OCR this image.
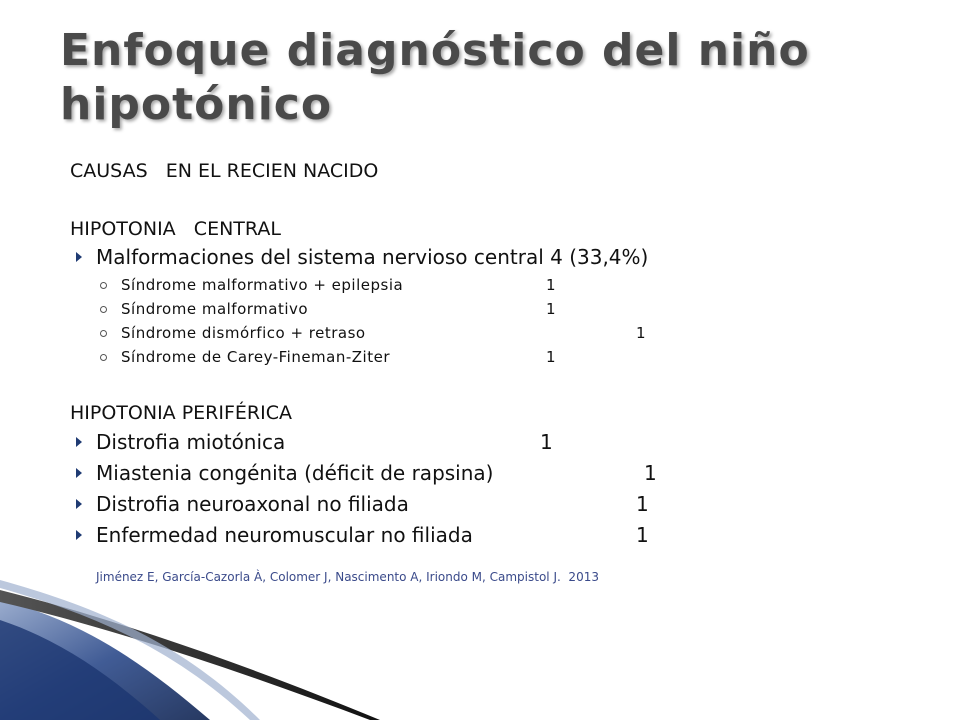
Enfoque diagnóstico del niño hipotónico
CAUSAS   EN EL RECIEN NACIDO
HIPOTONIA   CENTRAL
Malformaciones del sistema nervioso central 4 (33,4%)
Síndrome malformativo + epilepsia	1
Síndrome malformativo	1
Síndrome dismórfico + retraso	1
Síndrome de Carey-Fineman-Ziter	1
HIPOTONIA PERIFÉRICA
Distrofia miotónica	1
Miastenia congénita (déficit de rapsina)	1
Distrofia neuroaxonal no filiada	1
Enfermedad neuromuscular no filiada	1
Jiménez E, García-Cazorla À, Colomer J, Nascimento A, Iriondo M, Campistol J.  2013
